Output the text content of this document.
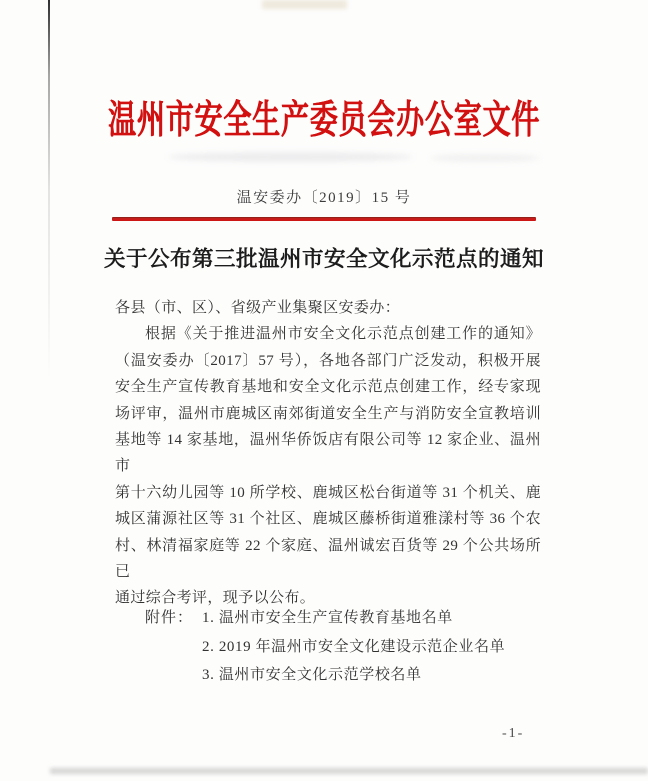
温州市安全生产委员会办公室文件
温安委办〔2019〕15 号
关于公布第三批温州市安全文化示范点的通知
各县（市、区）、省级产业集聚区安委办：
根据《关于推进温州市安全文化示范点创建工作的通知》
（温安委办〔2017〕57 号），各地各部门广泛发动，积极开展
安全生产宣传教育基地和安全文化示范点创建工作，经专家现
场评审，温州市鹿城区南郊街道安全生产与消防安全宣教培训
基地等 14 家基地，温州华侨饭店有限公司等 12 家企业、温州市
第十六幼儿园等 10 所学校、鹿城区松台街道等 31 个机关、鹿
城区蒲源社区等 31 个社区、鹿城区藤桥街道雅漾村等 36 个农
村、林清福家庭等 22 个家庭、温州诚宏百货等 29 个公共场所已
通过综合考评，现予以公布。
附件： 1. 温州市安全生产宣传教育基地名单
2. 2019 年温州市安全文化建设示范企业名单
3. 温州市安全文化示范学校名单
-1-
